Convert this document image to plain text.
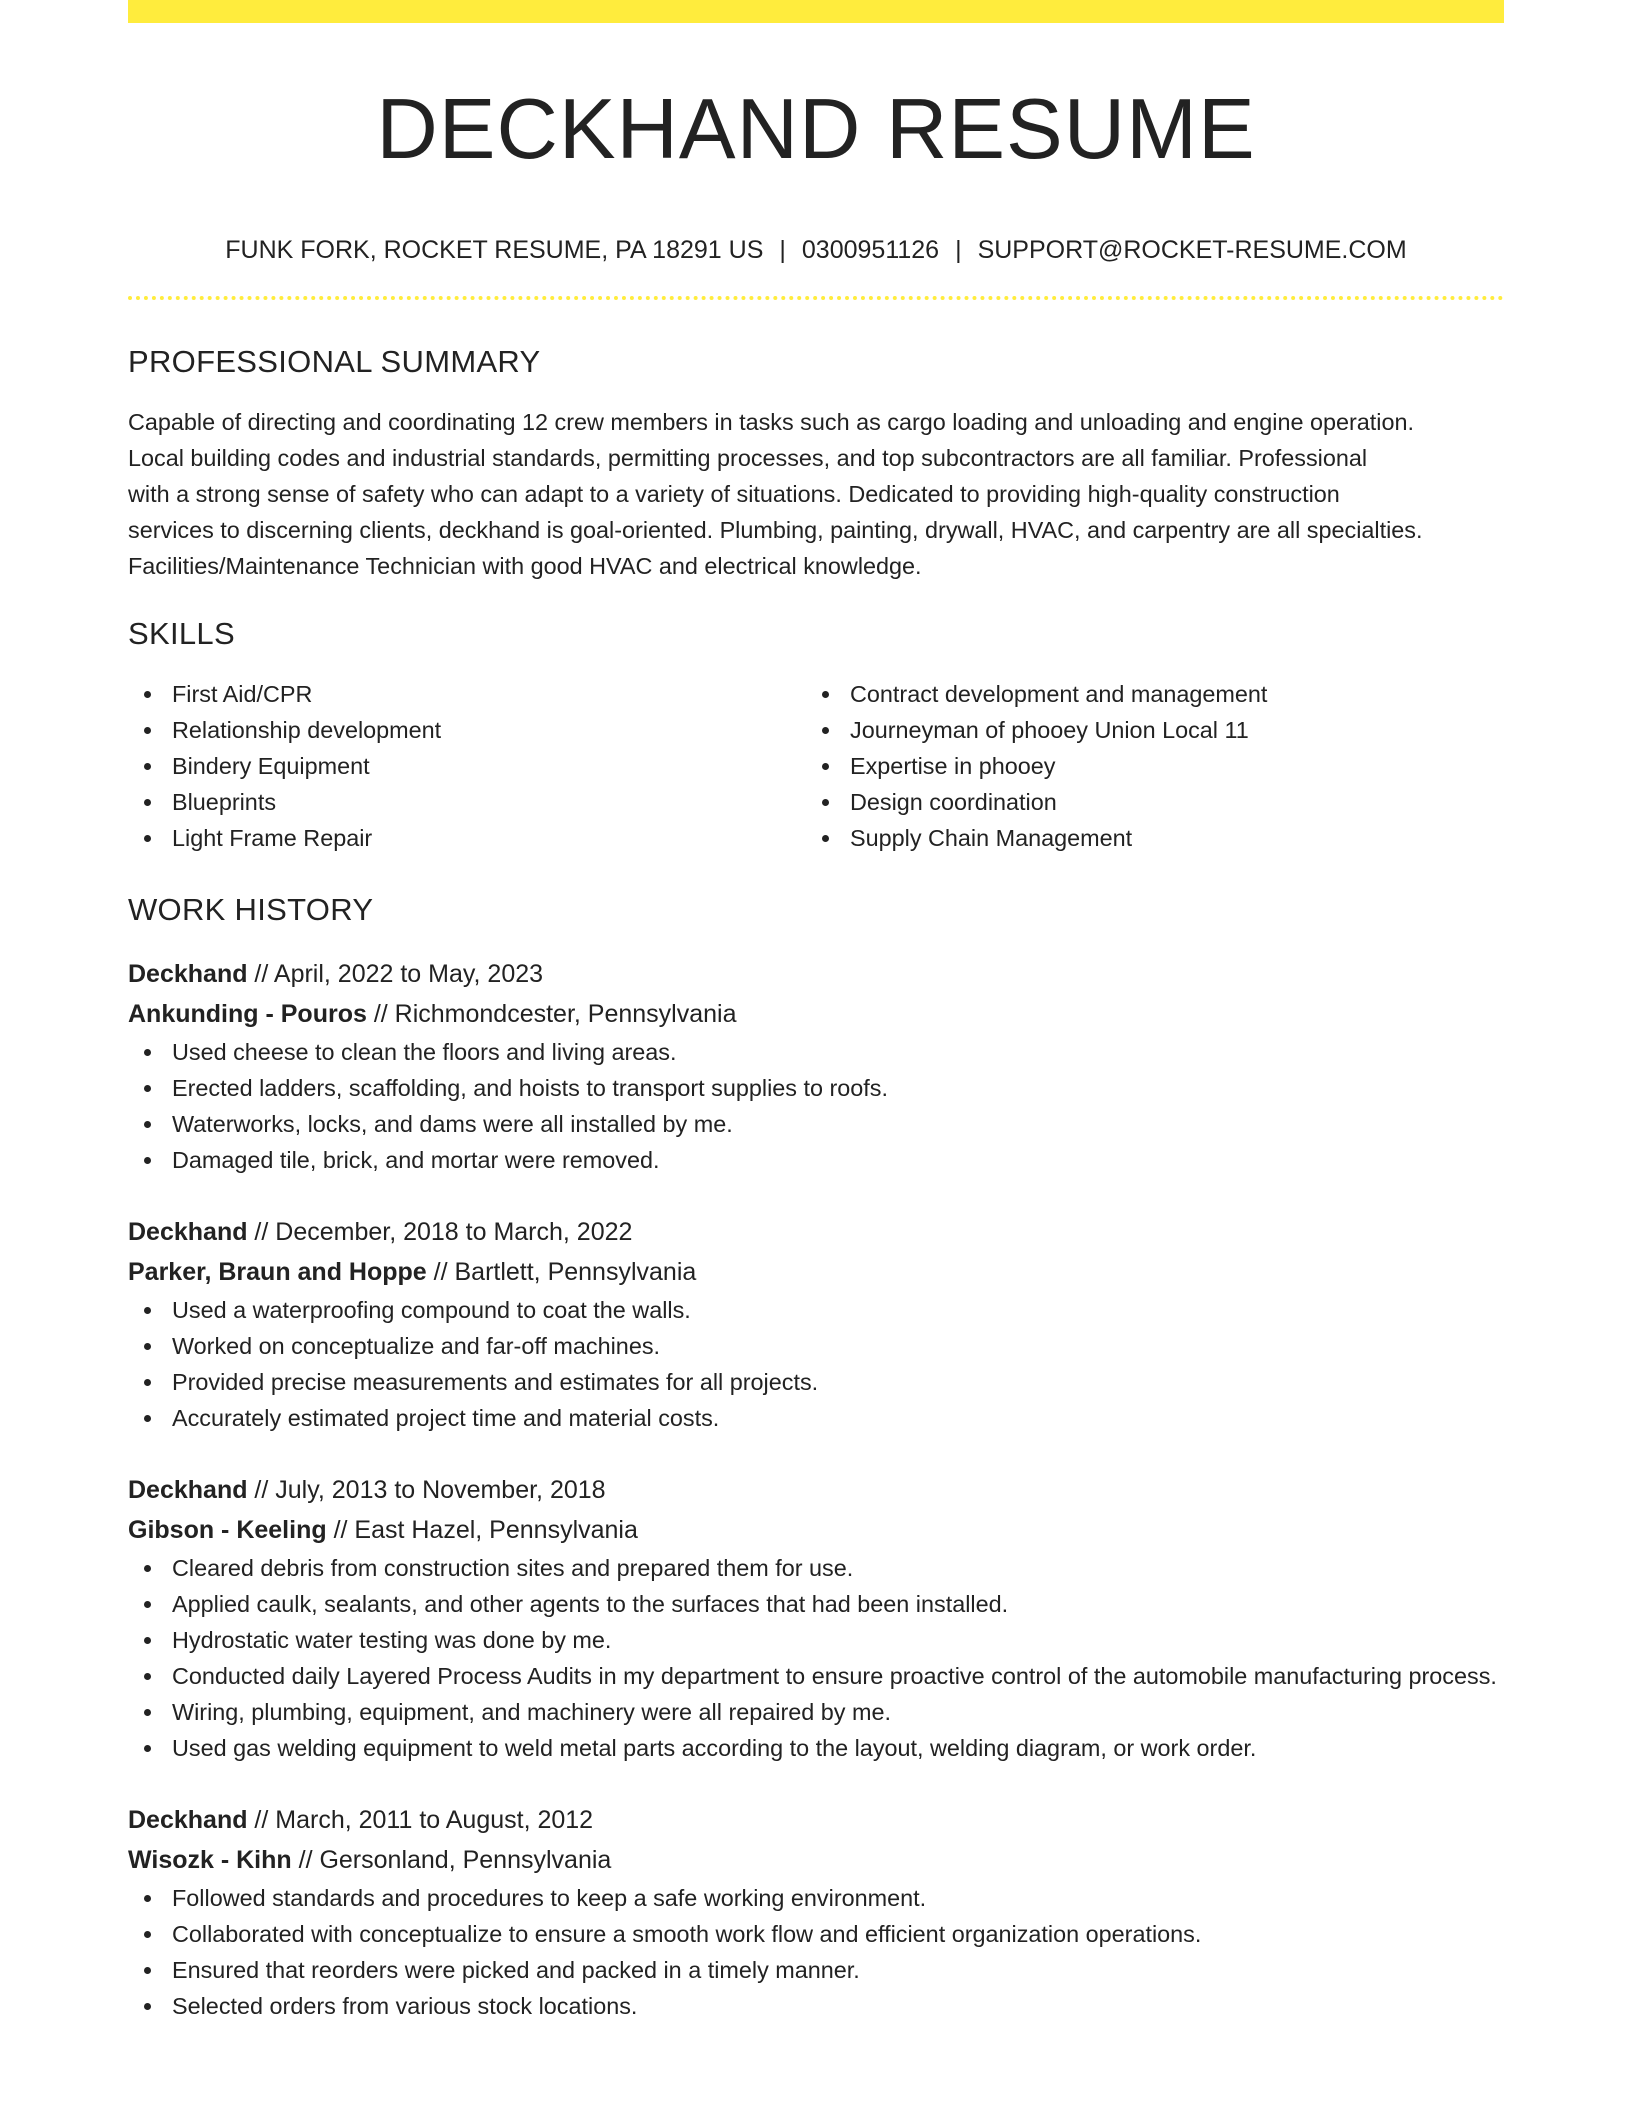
DECKHAND RESUME
FUNK FORK, ROCKET RESUME, PA 18291 US | 0300951126 | SUPPORT@ROCKET-RESUME.COM
PROFESSIONAL SUMMARY
Capable of directing and coordinating 12 crew members in tasks such as cargo loading and unloading and engine operation.
Local building codes and industrial standards, permitting processes, and top subcontractors are all familiar. Professional
with a strong sense of safety who can adapt to a variety of situations. Dedicated to providing high-quality construction
services to discerning clients, deckhand is goal-oriented. Plumbing, painting, drywall, HVAC, and carpentry are all specialties.
Facilities/Maintenance Technician with good HVAC and electrical knowledge.
SKILLS
First Aid/CPR
Relationship development
Bindery Equipment
Blueprints
Light Frame Repair
Contract development and management
Journeyman of phooey Union Local 11
Expertise in phooey
Design coordination
Supply Chain Management
WORK HISTORY
Deckhand // April, 2022 to May, 2023
Ankunding - Pouros // Richmondcester, Pennsylvania
Used cheese to clean the floors and living areas.
Erected ladders, scaffolding, and hoists to transport supplies to roofs.
Waterworks, locks, and dams were all installed by me.
Damaged tile, brick, and mortar were removed.
Deckhand // December, 2018 to March, 2022
Parker, Braun and Hoppe // Bartlett, Pennsylvania
Used a waterproofing compound to coat the walls.
Worked on conceptualize and far-off machines.
Provided precise measurements and estimates for all projects.
Accurately estimated project time and material costs.
Deckhand // July, 2013 to November, 2018
Gibson - Keeling // East Hazel, Pennsylvania
Cleared debris from construction sites and prepared them for use.
Applied caulk, sealants, and other agents to the surfaces that had been installed.
Hydrostatic water testing was done by me.
Conducted daily Layered Process Audits in my department to ensure proactive control of the automobile manufacturing process.
Wiring, plumbing, equipment, and machinery were all repaired by me.
Used gas welding equipment to weld metal parts according to the layout, welding diagram, or work order.
Deckhand // March, 2011 to August, 2012
Wisozk - Kihn // Gersonland, Pennsylvania
Followed standards and procedures to keep a safe working environment.
Collaborated with conceptualize to ensure a smooth work flow and efficient organization operations.
Ensured that reorders were picked and packed in a timely manner.
Selected orders from various stock locations.
